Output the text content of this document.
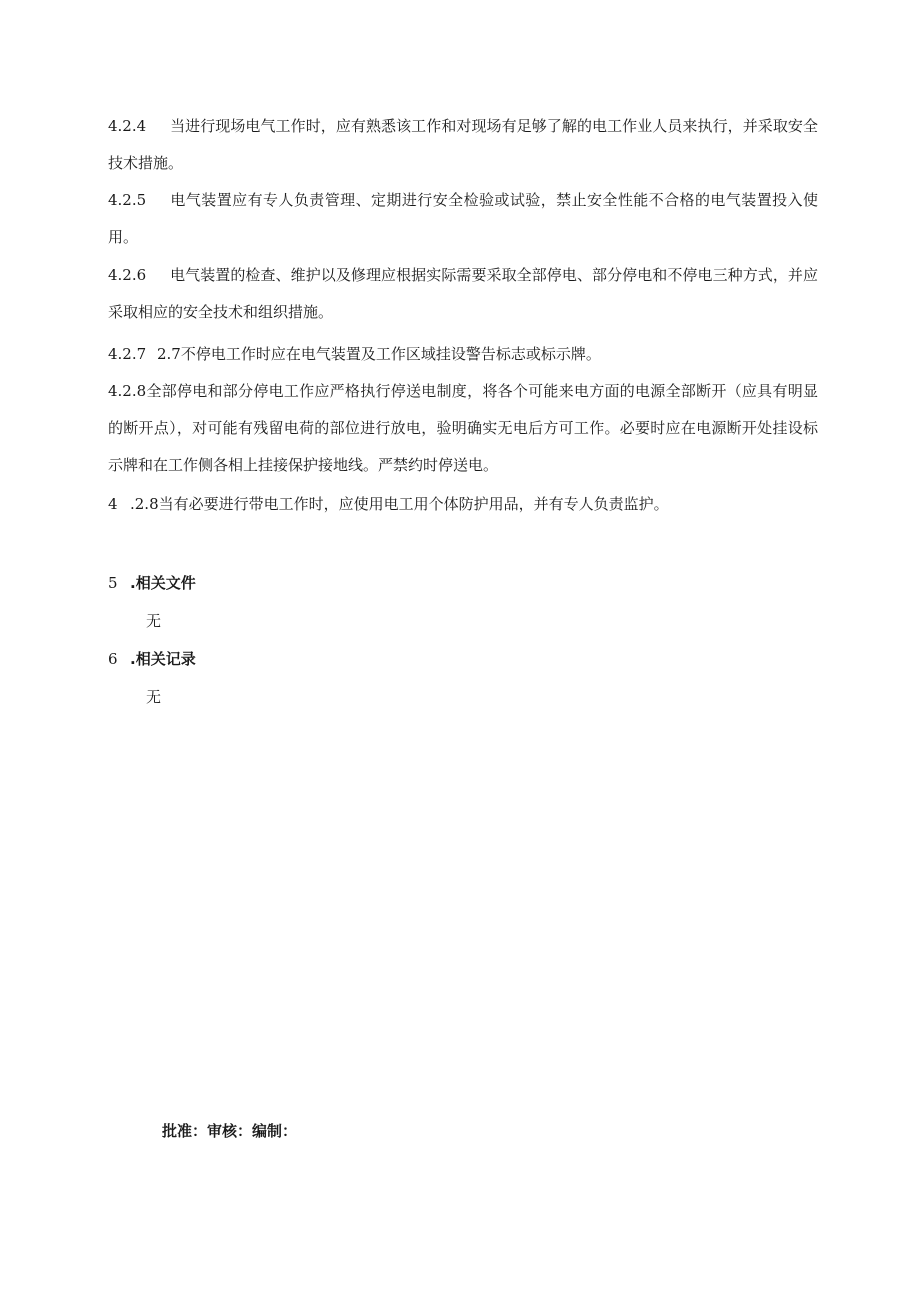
4.2.4 当进行现场电气工作时，应有熟悉该工作和对现场有足够了解的电工作业人员来执行，并采取安全技术措施。

4.2.5 电气装置应有专人负责管理、定期进行安全检验或试验，禁止安全性能不合格的电气装置投入使用。

4.2.6 电气装置的检查、维护以及修理应根据实际需要采取全部停电、部分停电和不停电三种方式，并应采取相应的安全技术和组织措施。

4.2.7 2.7不停电工作时应在电气装置及工作区域挂设警告标志或标示牌。

4.2.8全部停电和部分停电工作应严格执行停送电制度，将各个可能来电方面的电源全部断开（应具有明显的断开点），对可能有残留电荷的部位进行放电，验明确实无电后方可工作。必要时应在电源断开处挂设标示牌和在工作侧各相上挂接保护接地线。严禁约时停送电。

4 .2.8当有必要进行带电工作时，应使用电工用个体防护用品，并有专人负责监护。

5 .相关文件

无

6 .相关记录

无

批准：审核：编制：
